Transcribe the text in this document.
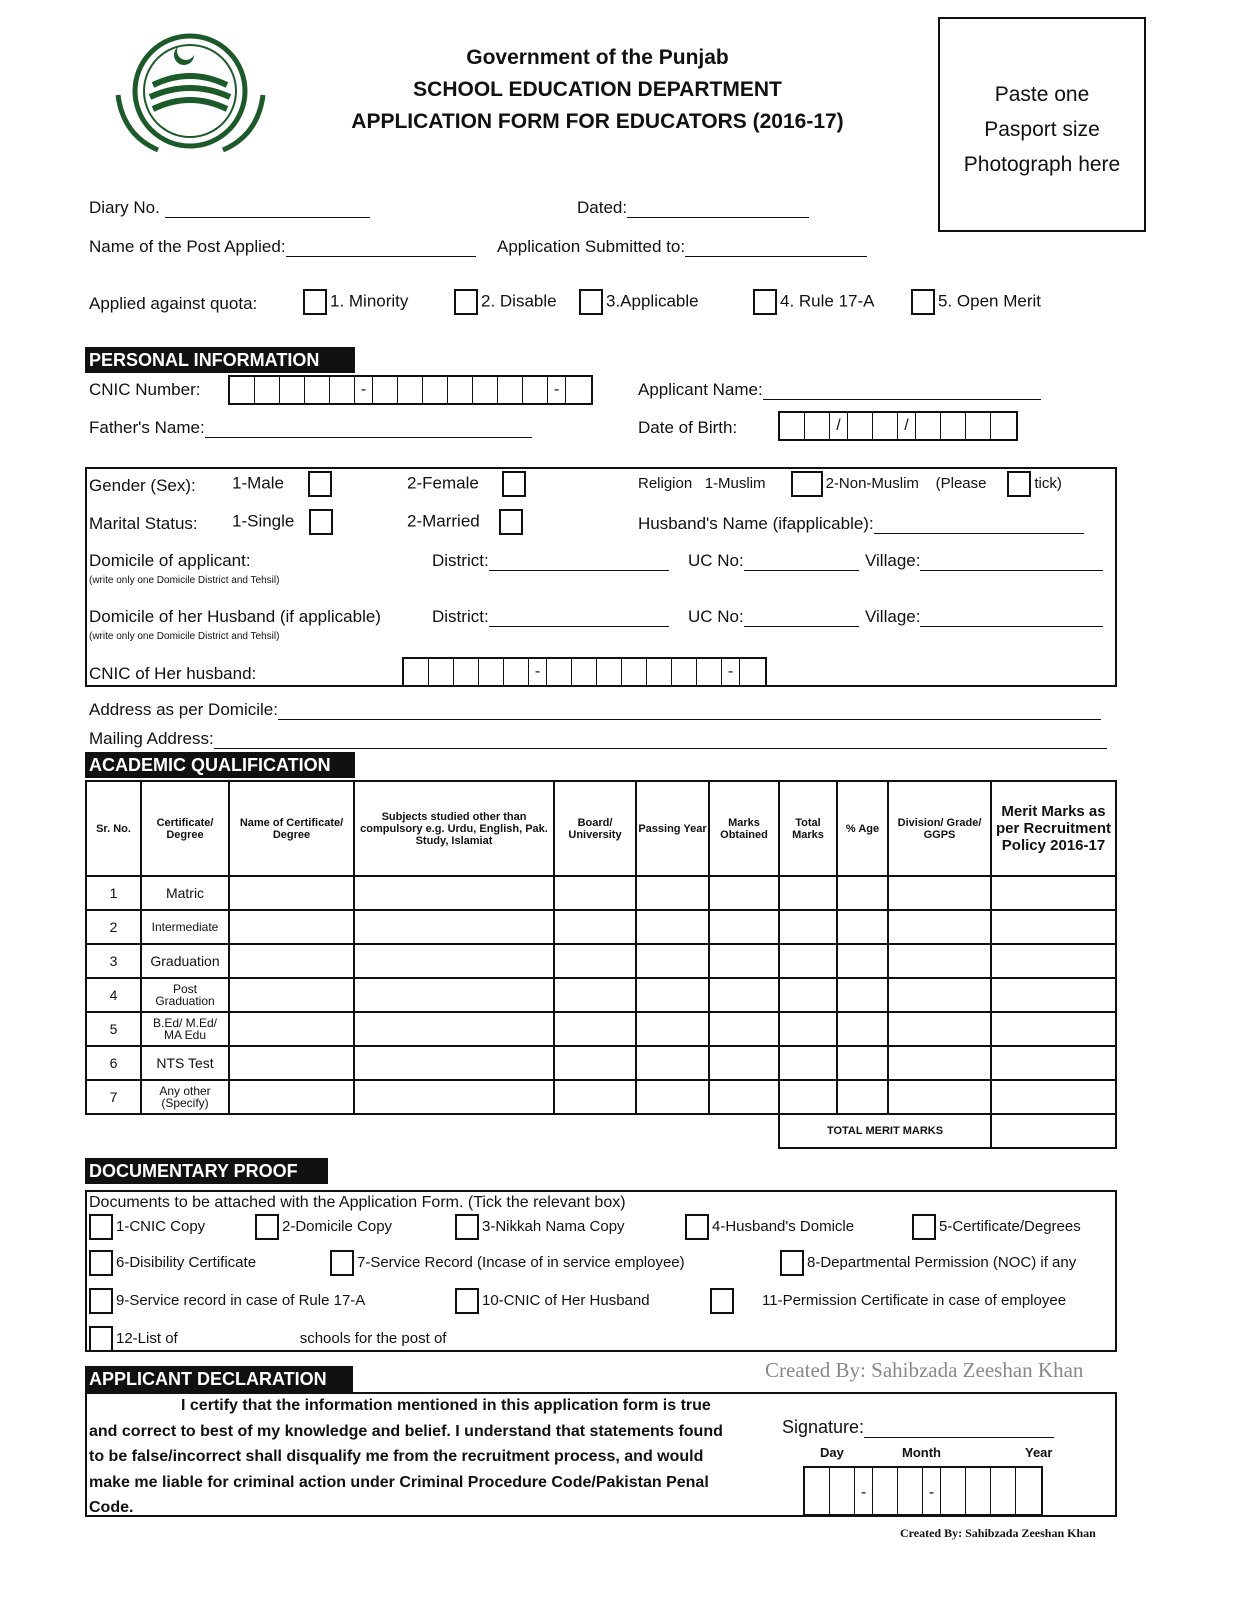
Government of the Punjab
SCHOOL EDUCATION DEPARTMENT
APPLICATION FORM FOR EDUCATORS (2016-17)
Paste one
Pasport size
Photograph here
Diary No.	Dated:
Name of the Post Applied:	Application Submitted to:
Applied against quota:	1. Minority	2. Disable	3.Applicable	4. Rule 17-A	5. Open Merit
PERSONAL INFORMATION
CNIC Number:	-	-	Applicant Name:
Father's Name:	Date of Birth:	/	/
Gender (Sex): 1-Male	2-Female	Religion 1-Muslim	2-Non-Muslim (Please	tick)
Marital Status: 1-Single	2-Married	Husband's Name (ifapplicable):
Domicile of applicant:
(write only one Domicile District and Tehsil)
District:	UC No:	Village:
Domicile of her Husband (if applicable)
(write only one Domicile District and Tehsil)
District:	UC No:	Village:
CNIC of Her husband:	-	-
Address as per Domicile:
Mailing Address:
ACADEMIC QUALIFICATION
Sr. No.	Certificate/ Degree	Name of Certificate/ Degree	Subjects studied other than compulsory e.g. Urdu, English, Pak. Study, Islamiat	Board/ University	Passing Year	Marks Obtained	Total Marks	% Age	Division/ Grade/ GGPS	Merit Marks as per Recruitment Policy 2016-17
1	Matric									
2	Intermediate									
3	Graduation									
4	Post Graduation									
5	B.Ed/ M.Ed/ MA Edu									
6	NTS Test									
7	Any other (Specify)									
							TOTAL MERIT MARKS			
DOCUMENTARY PROOF
Documents to be attached with the Application Form. (Tick the relevant box)
1-CNIC Copy	2-Domicile Copy	3-Nikkah Nama Copy	4-Husband's Domicle	5-Certificate/Degrees
6-Disibility Certificate	7-Service Record (Incase of in service employee)	8-Departmental Permission (NOC) if any
9-Service record in case of Rule 17-A	10-CNIC of Her Husband	11-Permission Certificate in case of employee
12-List of	schools for the post of
APPLICANT DECLARATION	Created By: Sahibzada Zeeshan Khan
I certify that the information mentioned in this application form is true
and correct to best of my knowledge and belief. I understand that statements found
to be false/incorrect shall disqualify me from the recruitment process, and would
make me liable for criminal action under Criminal Procedure Code/Pakistan Penal
Code.
Signature:
Day	Month	Year
-	-
Created By: Sahibzada Zeeshan Khan
